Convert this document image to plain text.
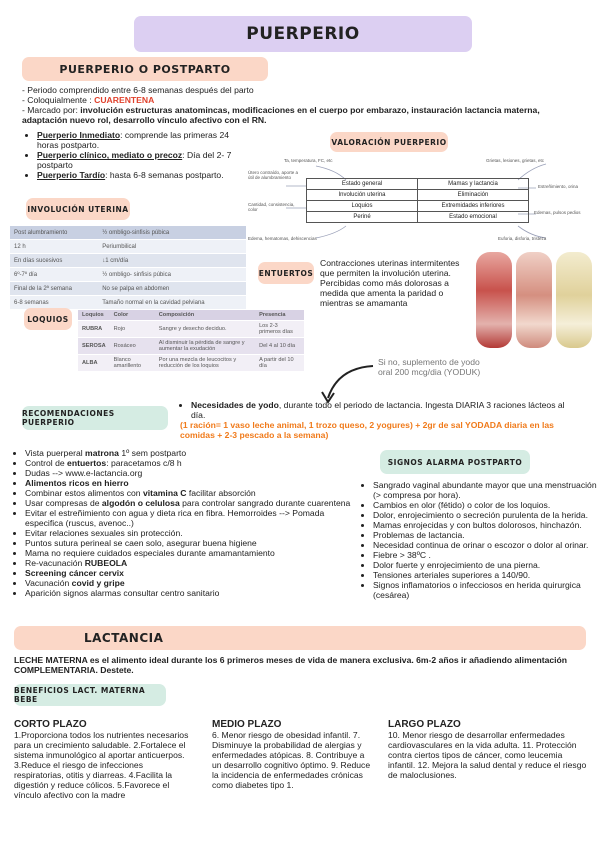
PUERPERIO
PUERPERIO O POSTPARTO
- Periodo comprendido entre 6-8 semanas después del parto
- Coloquialmente : CUARENTENA
- Marcado por: involución estructuras anatomincas, modificaciones en el cuerpo por embarazo, instauración lactancia materna, adaptación nuevo rol, desarrollo vínculo afectivo con el RN.
• Puerperio Inmediato: comprende las primeras 24 horas postparto.
• Puerperio clínico, mediato o precoz: Día del 2- 7 postparto
• Puerperio Tardío: hasta 6-8 semanas postparto.
VALORACIÓN PUERPERIO
Estado general	Mamas y lactancia
Involución uterina	Eliminación
Loquios	Extremidades inferiores
Periné	Estado emocional
Ta, temperatura, FC, etc
Útero contraído, aporte a útil de alumbramiento
Cantidad, consistencia, color
Edema, hematomas, dehiscencias
Grietas, lesiones, grietas, etc
Estreñimiento, orina
Edemas, pulsos pedios
Euforia, disforia, tristeza
INVOLUCIÓN UTERINA
Post alumbramiento	½ ombligo-sinfisis púbica
12 h	Periumbilical
En días sucesivos	↓1 cm/día
6º-7º día	½ ombligo- sinfisis púbica
Final de la 2ª semana	No se palpa en abdomen
6-8 semanas	Tamaño normal en la cavidad pelviana
ENTUERTOS
Contracciones uterinas intermitentes que permiten la involución uterina. Percibidas como más dolorosas a medida que amenta la paridad o mientras se amamanta
LOQUIOS	Loquios	Color	Composición	Presencia
RUBRA	Rojo	Sangre y desecho deciduo.	Los 2-3 primeros días
SEROSA	Rosáceo	Al disminuir la pérdida de sangre y aumentar la exudación	Del 4 al 10 día
ALBA	Blanco amarillento	Por una mezcla de leucocitos y reducción de los loquios	A partir del 10 día	Si no, suplemento de yodo oral 200 mcg/dia (YODUK)
RECOMENDACIONES PUERPERIO
• Necesidades de yodo, durante todo el periodo de lactancia. Ingesta DIARIA 3 raciones lácteos al día.
(1 ración= 1 vaso leche animal, 1 trozo queso, 2 yogures) + 2gr de sal YODADA diaria en las comidas + 2-3 pescado a la semana)
• Vista puerperal matrona 1º sem postparto
• Control de entuertos: paracetamos c/8 h
• Dudas --> www.e-lactancia.org
• Alimentos ricos en hierro
• Combinar estos alimentos con vitamina C facilitar absorción
• Usar compresas de algodón o celulosa para controlar sangrado durante cuarentena
• Evitar el estreñimiento con agua y dieta rica en fibra. Hemorroides --> Pomada especifica (ruscus, avenoc..)
• Evitar relaciones sexuales sin protección.
• Puntos sutura perineal se caen solo, asegurar buena higiene
• Mama no requiere cuidados especiales durante amamantamiento
• Re-vacunación RUBEOLA
• Screening cáncer cervix
• Vacunación covid y gripe
• Aparición signos alarmas consultar centro sanitario
SIGNOS ALARMA POSTPARTO
• Sangrado vaginal abundante mayor que una menstruación (> compresa por hora).
• Cambios en olor (fétido) o color de los loquios.
• Dolor, enrojecimiento o secreción purulenta de la herida.
• Mamas enrojecidas y con bultos dolorosos, hinchazón.
• Problemas de lactancia.
• Necesidad continua de orinar o escozor o dolor al orinar.
• Fiebre > 38ºC .
• Dolor fuerte y enrojecimiento de una pierna.
• Tensiones arteriales superiores a 140/90.
• Signos inflamatorios o infecciosos en herida quirurgica (cesárea)
LACTANCIA
LECHE MATERNA es el alimento ideal durante los 6 primeros meses de vida de manera exclusiva. 6m-2 años ir añadiendo alimentación COMPLEMENTARIA. Destete.
BENEFICIOS LACT. MATERNA BEBE
CORTO PLAZO
1.Proporciona todos los nutrientes necesarios para un crecimiento saludable. 2.Fortalece el sistema inmunológico al aportar anticuerpos. 3.Reduce el riesgo de infecciones respiratorias, otitis y diarreas. 4.Facilita la digestión y reduce cólicos. 5.Favorece el vínculo afectivo con la madre
MEDIO PLAZO
6. Menor riesgo de obesidad infantil. 7. Disminuye la probabilidad de alergias y enfermedades atópicas. 8. Contribuye a un desarrollo cognitivo óptimo. 9. Reduce la incidencia de enfermedades crónicas como diabetes tipo 1.
LARGO PLAZO
10. Menor riesgo de desarrollar enfermedades cardiovasculares en la vida adulta. 11. Protección contra ciertos tipos de cáncer, como leucemia infantil. 12. Mejora la salud dental y reduce el riesgo de maloclusiones.
